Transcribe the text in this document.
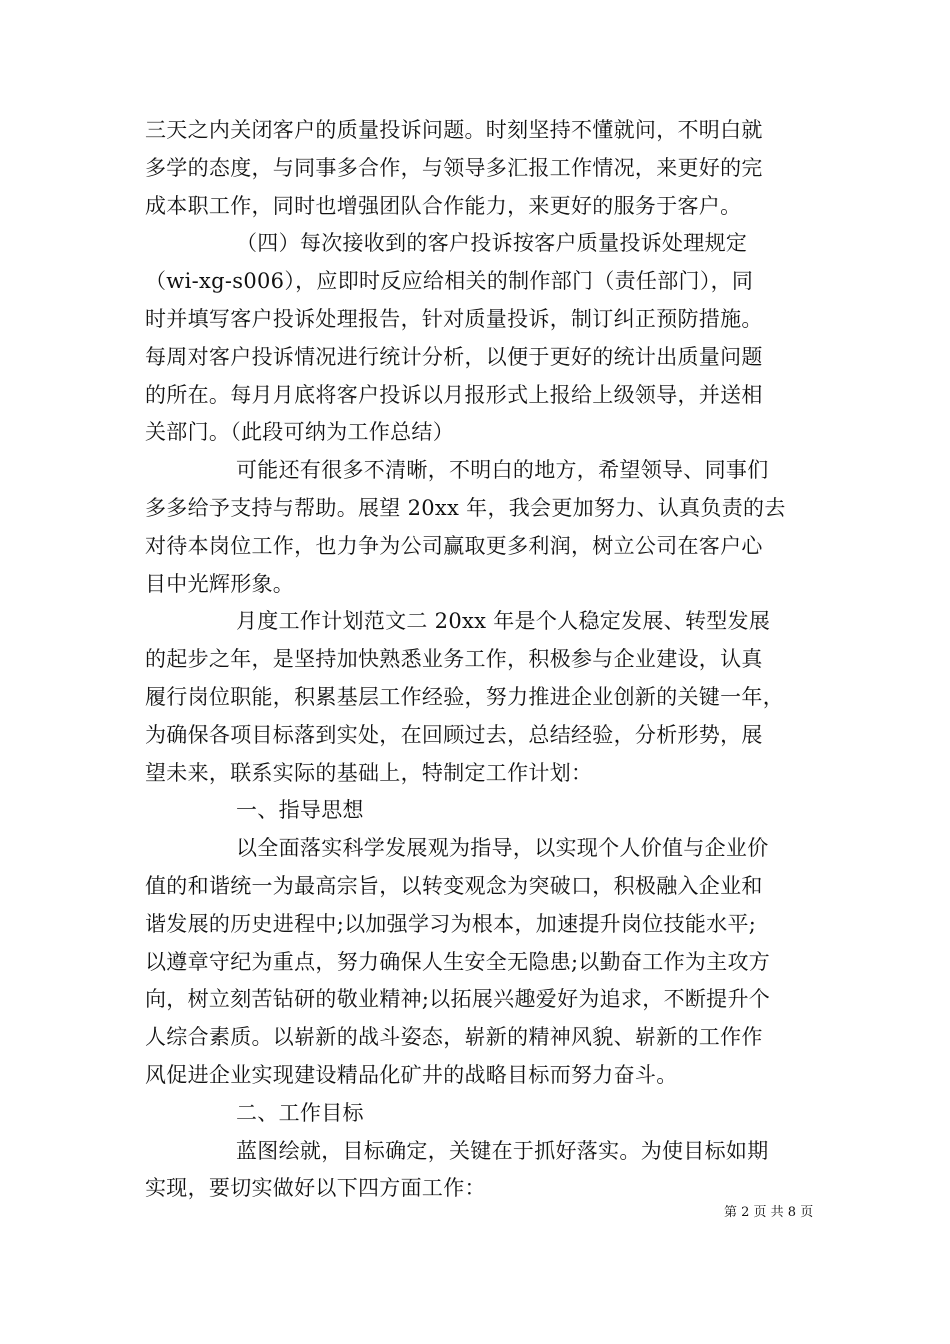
三天之内关闭客户的质量投诉问题。时刻坚持不懂就问，不明白就
多学的态度，与同事多合作，与领导多汇报工作情况，来更好的完
成本职工作，同时也增强团队合作能力，来更好的服务于客户。
（四）每次接收到的客户投诉按客户质量投诉处理规定
（wi-xg-s006），应即时反应给相关的制作部门（责任部门），同
时并填写客户投诉处理报告，针对质量投诉，制订纠正预防措施。
每周对客户投诉情况进行统计分析，以便于更好的统计出质量问题
的所在。每月月底将客户投诉以月报形式上报给上级领导，并送相
关部门。（此段可纳为工作总结）
可能还有很多不清晰，不明白的地方，希望领导、同事们
多多给予支持与帮助。展望 20xx 年，我会更加努力、认真负责的去
对待本岗位工作，也力争为公司赢取更多利润，树立公司在客户心
目中光辉形象。
月度工作计划范文二 20xx 年是个人稳定发展、转型发展
的起步之年，是坚持加快熟悉业务工作，积极参与企业建设，认真
履行岗位职能，积累基层工作经验，努力推进企业创新的关键一年，
为确保各项目标落到实处，在回顾过去，总结经验，分析形势，展
望未来，联系实际的基础上，特制定工作计划：
一、指导思想
以全面落实科学发展观为指导，以实现个人价值与企业价
值的和谐统一为最高宗旨，以转变观念为突破口，积极融入企业和
谐发展的历史进程中;以加强学习为根本，加速提升岗位技能水平;
以遵章守纪为重点，努力确保人生安全无隐患;以勤奋工作为主攻方
向，树立刻苦钻研的敬业精神;以拓展兴趣爱好为追求，不断提升个
人综合素质。以崭新的战斗姿态，崭新的精神风貌、崭新的工作作
风促进企业实现建设精品化矿井的战略目标而努力奋斗。
二、工作目标
蓝图绘就，目标确定，关键在于抓好落实。为使目标如期
实现，要切实做好以下四方面工作：
第 2 页 共 8 页
